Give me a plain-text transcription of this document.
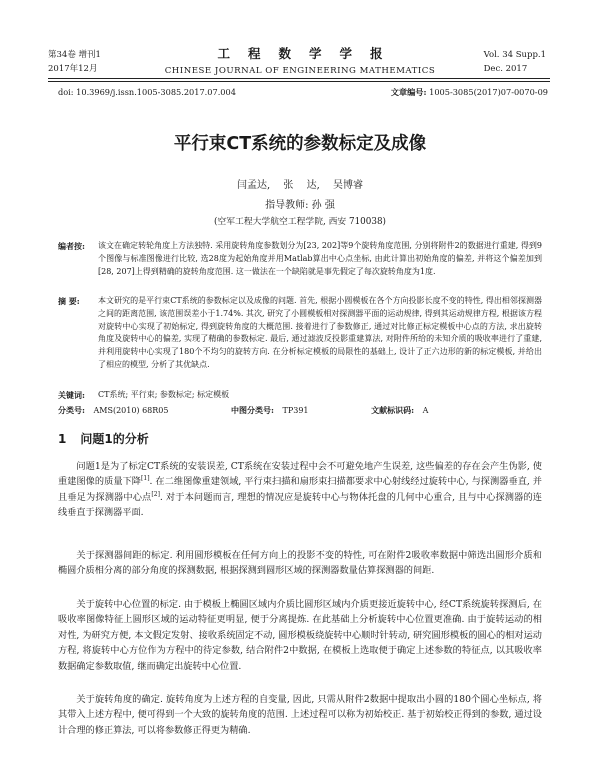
第34卷 增刊1
2017年12月
工程数学学报
CHINESE JOURNAL OF ENGINEERING MATHEMATICS
Vol. 34 Supp.1
Dec. 2017
doi: 10.3969/j.issn.1005-3085.2017.07.004	文章编号: 1005-3085(2017)07-0070-09
平行束CT系统的参数标定及成像
闫孟达, 张 达, 吴博睿
指导教师: 孙 强
(空军工程大学航空工程学院, 西安 710038)
编者按:	该文在确定转轮角度上方法独特. 采用旋转角度参数划分为[23, 202]等9个旋转角度范围, 分别将附件2的数据进行重建, 得到9个图像与标准图像进行比较, 选28度为起始角度并用Matlab算出中心点坐标, 由此计算出初始角度的偏差, 并将这个偏差加到[28, 207]上得到精确的旋转角度范围. 这一做法在一个缺陷就是事先假定了每次旋转角度为1度.
摘 要:	本文研究的是平行束CT系统的参数标定以及成像的问题. 首先, 根据小圆模板在各个方向投影长度不变的特性, 得出相邻探测器之间的距离范围, 该范围误差小于1.74%. 其次, 研究了小圆模板相对探测器平面的运动规律, 得到其运动规律方程, 根据该方程对旋转中心实现了初始标定, 得到旋转角度的大概范围. 接着进行了参数修正, 通过对比修正标定模板中心点的方法, 求出旋转角度及旋转中心的偏差, 实现了精确的参数标定. 最后, 通过滤波反投影重建算法, 对附件所给的未知介质的吸收率进行了重建, 并利用旋转中心实现了180个不均匀的旋转方向. 在分析标定模板的局限性的基础上, 设计了正六边形的新的标定模板, 并给出了相应的模型, 分析了其优缺点.
关键词:	CT系统; 平行束; 参数标定; 标定模板
分类号: AMS(2010) 68R05	中图分类号: TP391	文献标识码: A
1 问题1的分析

问题1是为了标定CT系统的安装误差, CT系统在安装过程中会不可避免地产生误差, 这些偏差的存在会产生伪影, 使重建图像的质量下降[1]. 在二维图像重建领域, 平行束扫描和扇形束扫描都要求中心射线经过旋转中心, 与探测器垂直, 并且垂足为探测器中心点[2]. 对于本问题而言, 理想的情况应是旋转中心与物体托盘的几何中心重合, 且与中心探测器的连线垂直于探测器平面.

关于探测器间距的标定. 利用圆形模板在任何方向上的投影不变的特性, 可在附件2吸收率数据中筛选出圆形介质和椭圆介质相分离的部分角度的探测数据, 根据探测到圆形区域的探测器数量估算探测器的间距.

关于旋转中心位置的标定. 由于模板上椭圆区域内介质比圆形区域内介质更接近旋转中心, 经CT系统旋转探测后, 在吸收率图像特征上圆形区域的运动特征更明显, 便于分离提炼. 在此基础上分析旋转中心位置更准确. 由于旋转运动的相对性, 为研究方便, 本文假定发射、接收系统固定不动, 圆形模板绕旋转中心顺时针转动, 研究圆形模板的圆心的相对运动方程, 将旋转中心方位作为方程中的待定参数, 结合附件2中数据, 在模板上选取便于确定上述参数的特征点, 以其吸收率数据确定参数取值, 继而确定出旋转中心位置.

关于旋转角度的确定. 旋转角度为上述方程的自变量, 因此, 只需从附件2数据中提取出小圆的180个圆心坐标点, 将其带入上述方程中, 便可得到一个大致的旋转角度的范围. 上述过程可以称为初始校正. 基于初始校正得到的参数, 通过设计合理的修正算法, 可以将参数修正得更为精确.
